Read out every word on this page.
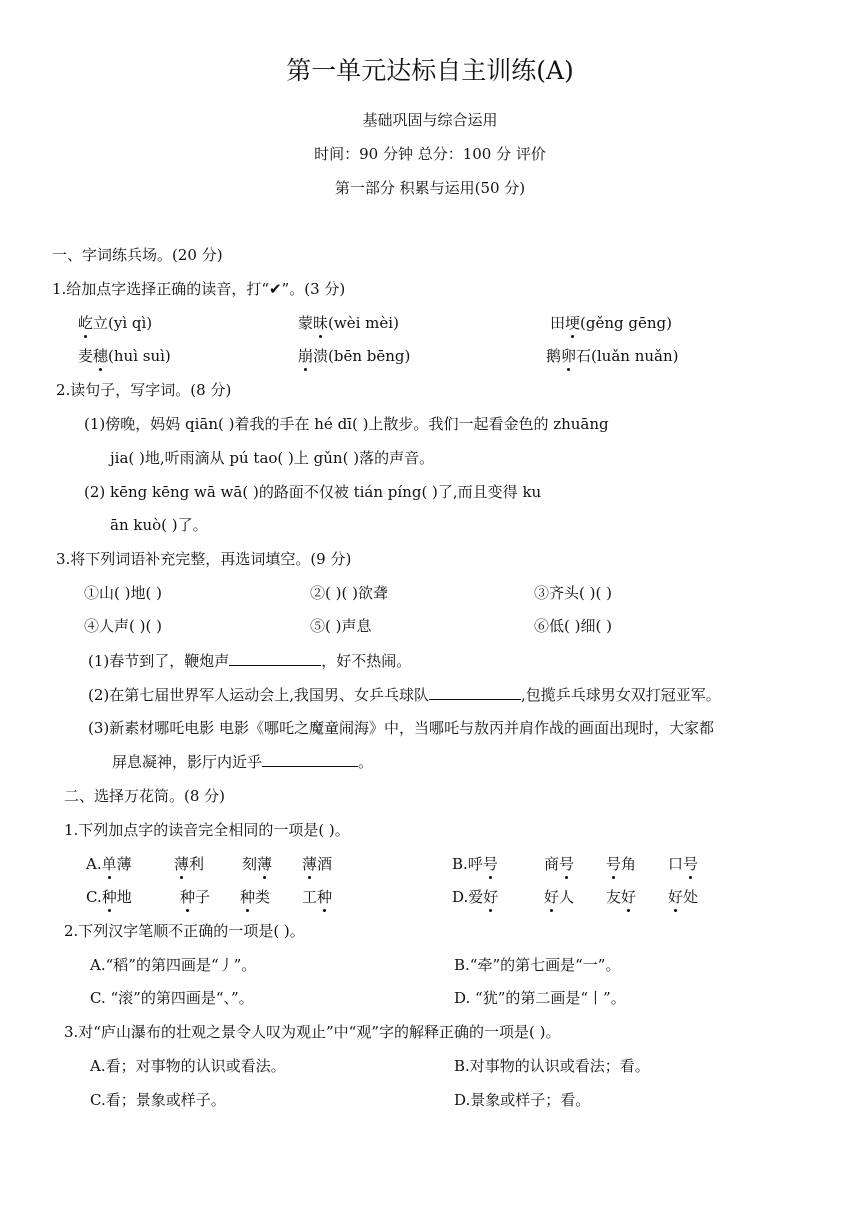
第一单元达标自主训练(A)
基础巩固与综合运用
时间：90 分钟 总分：100 分 评价
第一部分 积累与运用(50 分)
一、字词练兵场。(20 分)
1.给加点字选择正确的读音，打“✔”。(3 分)
屹立(yì qì)	蒙昧(wèi mèi)	田埂(gěng gēng)
麦穗(huì suì)	崩溃(bēn bēng)	鹅卵石(luǎn nuǎn)
2.读句子，写字词。(8 分)
(1)傍晚，妈妈 qiān( )着我的手在 hé dī( )上散步。我们一起看金色的 zhuāng
jia( )地,听雨滴从 pú tao( )上 gǔn( )落的声音。
(2) kēng kēng wā wā( )的路面不仅被 tián píng( )了,而且变得 ku
ān kuò( )了。
3.将下列词语补充完整，再选词填空。(9 分)
①山( )地( )	②( )( )欲聋	③齐头( )( )
④人声( )( )	⑤( )声息	⑥低( )细( )
(1)春节到了，鞭炮声	，好不热闹。
(2)在第七届世界军人运动会上,我国男、女乒乓球队	,包揽乒乓球男女双打冠亚军。
(3)新素材哪吒电影 电影《哪吒之魔童闹海》中，当哪吒与敖丙并肩作战的画面出现时，大家都
屏息凝神，影厅内近乎	。
二、选择万花筒。(8 分)
1.下列加点字的读音完全相同的一项是( )。
A.单薄	薄利	刻薄 薄酒	B.呼号	商号 号角 口号
C.种地	种子 种类 工种	D.爱好	好人 友好 好处
2.下列汉字笔顺不正确的一项是( )。
A.“稻”的第四画是“丿”。	B.“牵”的第七画是“一”。
C. “滚”的第四画是“、”。	D. “犹”的第二画是“丨”。
3.对“庐山瀑布的壮观之景令人叹为观止”中“观”字的解释正确的一项是( )。
A.看；对事物的认识或看法。	B.对事物的认识或看法；看。
C.看；景象或样子。	D.景象或样子；看。
